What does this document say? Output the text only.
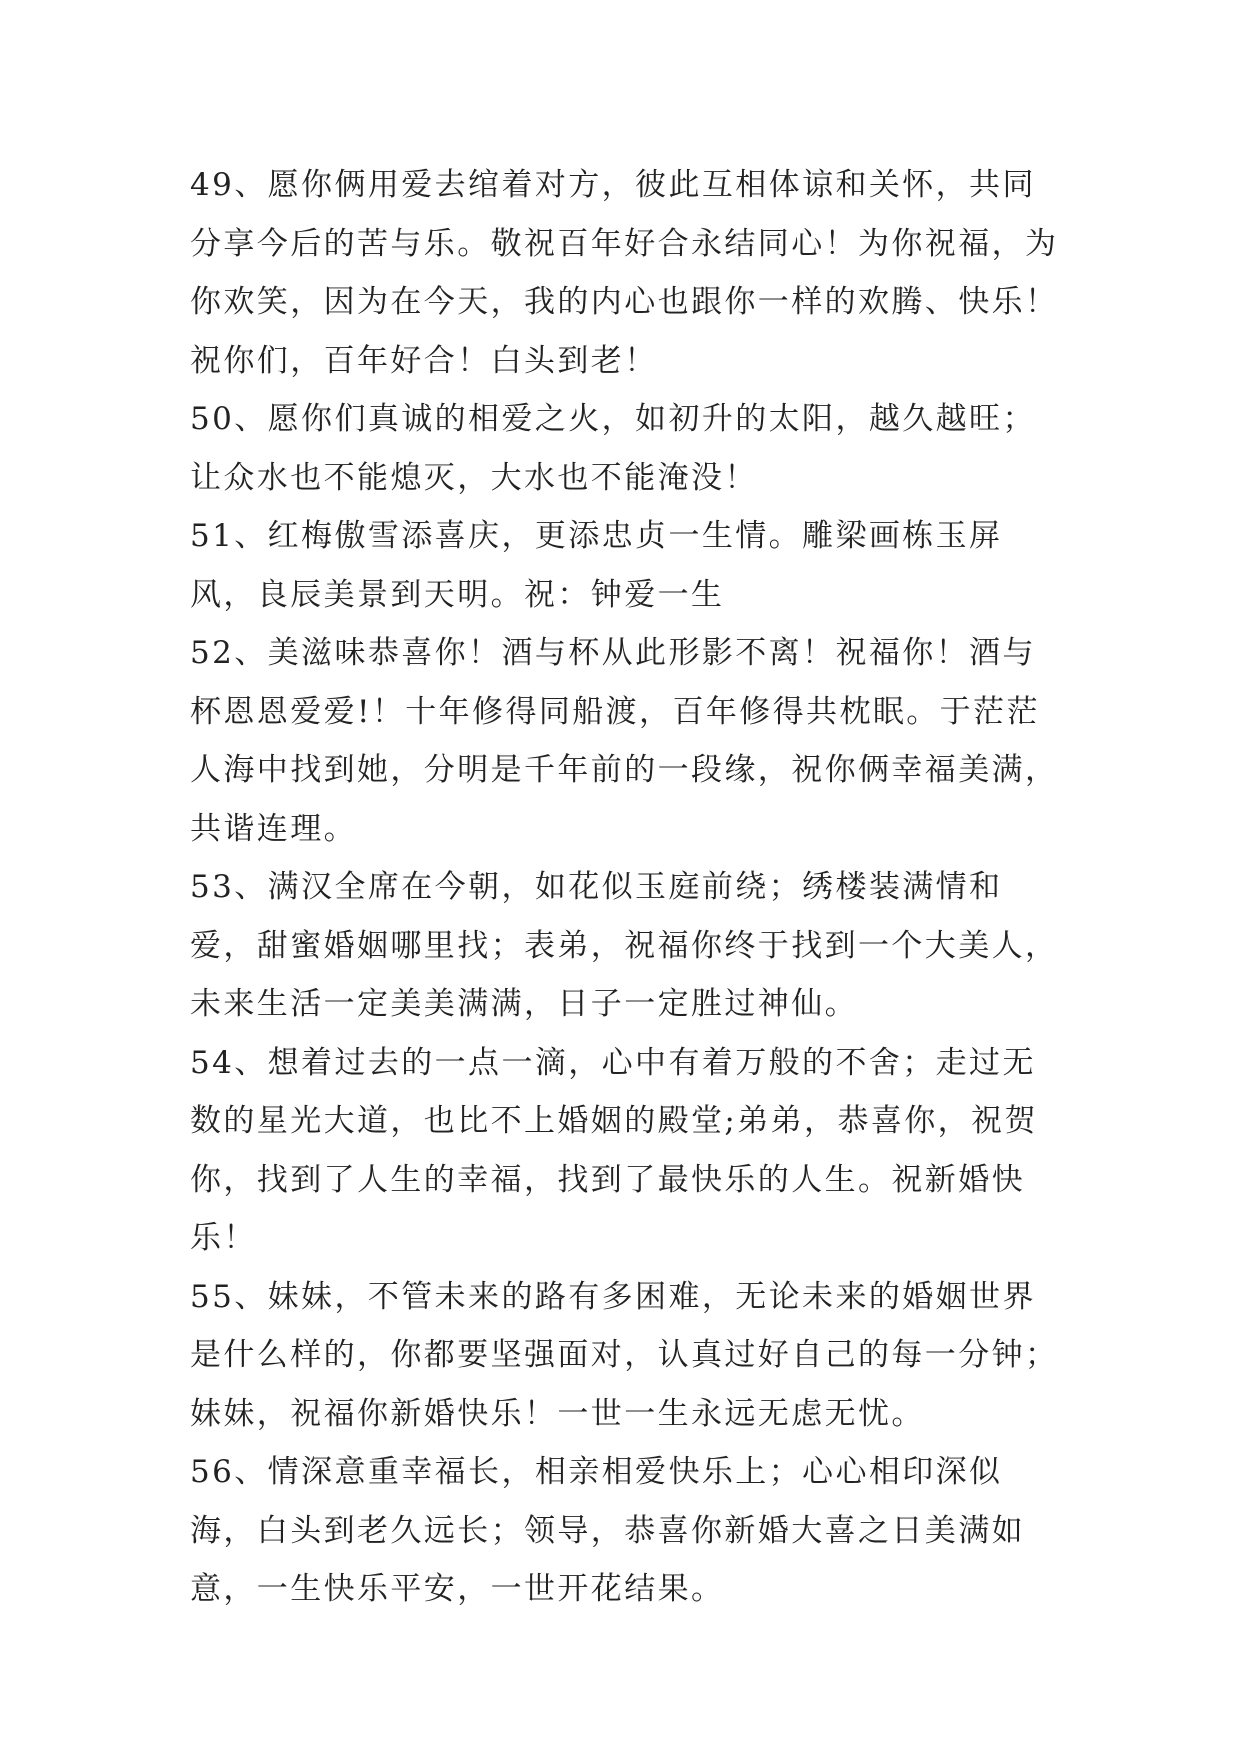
49、愿你俩用爱去绾着对方，彼此互相体谅和关怀，共同分享今后的苦与乐。敬祝百年好合永结同心！为你祝福，为你欢笑，因为在今天，我的内心也跟你一样的欢腾、快乐！祝你们，百年好合！白头到老！

50、愿你们真诚的相爱之火，如初升的太阳，越久越旺；让众水也不能熄灭，大水也不能淹没！

51、红梅傲雪添喜庆，更添忠贞一生情。雕梁画栋玉屏风，良辰美景到天明。祝：钟爱一生

52、美滋味恭喜你！酒与杯从此形影不离！祝福你！酒与杯恩恩爱爱!！十年修得同船渡，百年修得共枕眠。于茫茫人海中找到她，分明是千年前的一段缘，祝你俩幸福美满，共谐连理。

53、满汉全席在今朝，如花似玉庭前绕；绣楼装满情和爱，甜蜜婚姻哪里找；表弟，祝福你终于找到一个大美人，未来生活一定美美满满，日子一定胜过神仙。

54、想着过去的一点一滴，心中有着万般的不舍；走过无数的星光大道，也比不上婚姻的殿堂;弟弟，恭喜你，祝贺你，找到了人生的幸福，找到了最快乐的人生。祝新婚快乐！

55、妹妹，不管未来的路有多困难，无论未来的婚姻世界是什么样的，你都要坚强面对，认真过好自己的每一分钟；妹妹，祝福你新婚快乐！一世一生永远无虑无忧。

56、情深意重幸福长，相亲相爱快乐上；心心相印深似海，白头到老久远长；领导，恭喜你新婚大喜之日美满如意，一生快乐平安，一世开花结果。
